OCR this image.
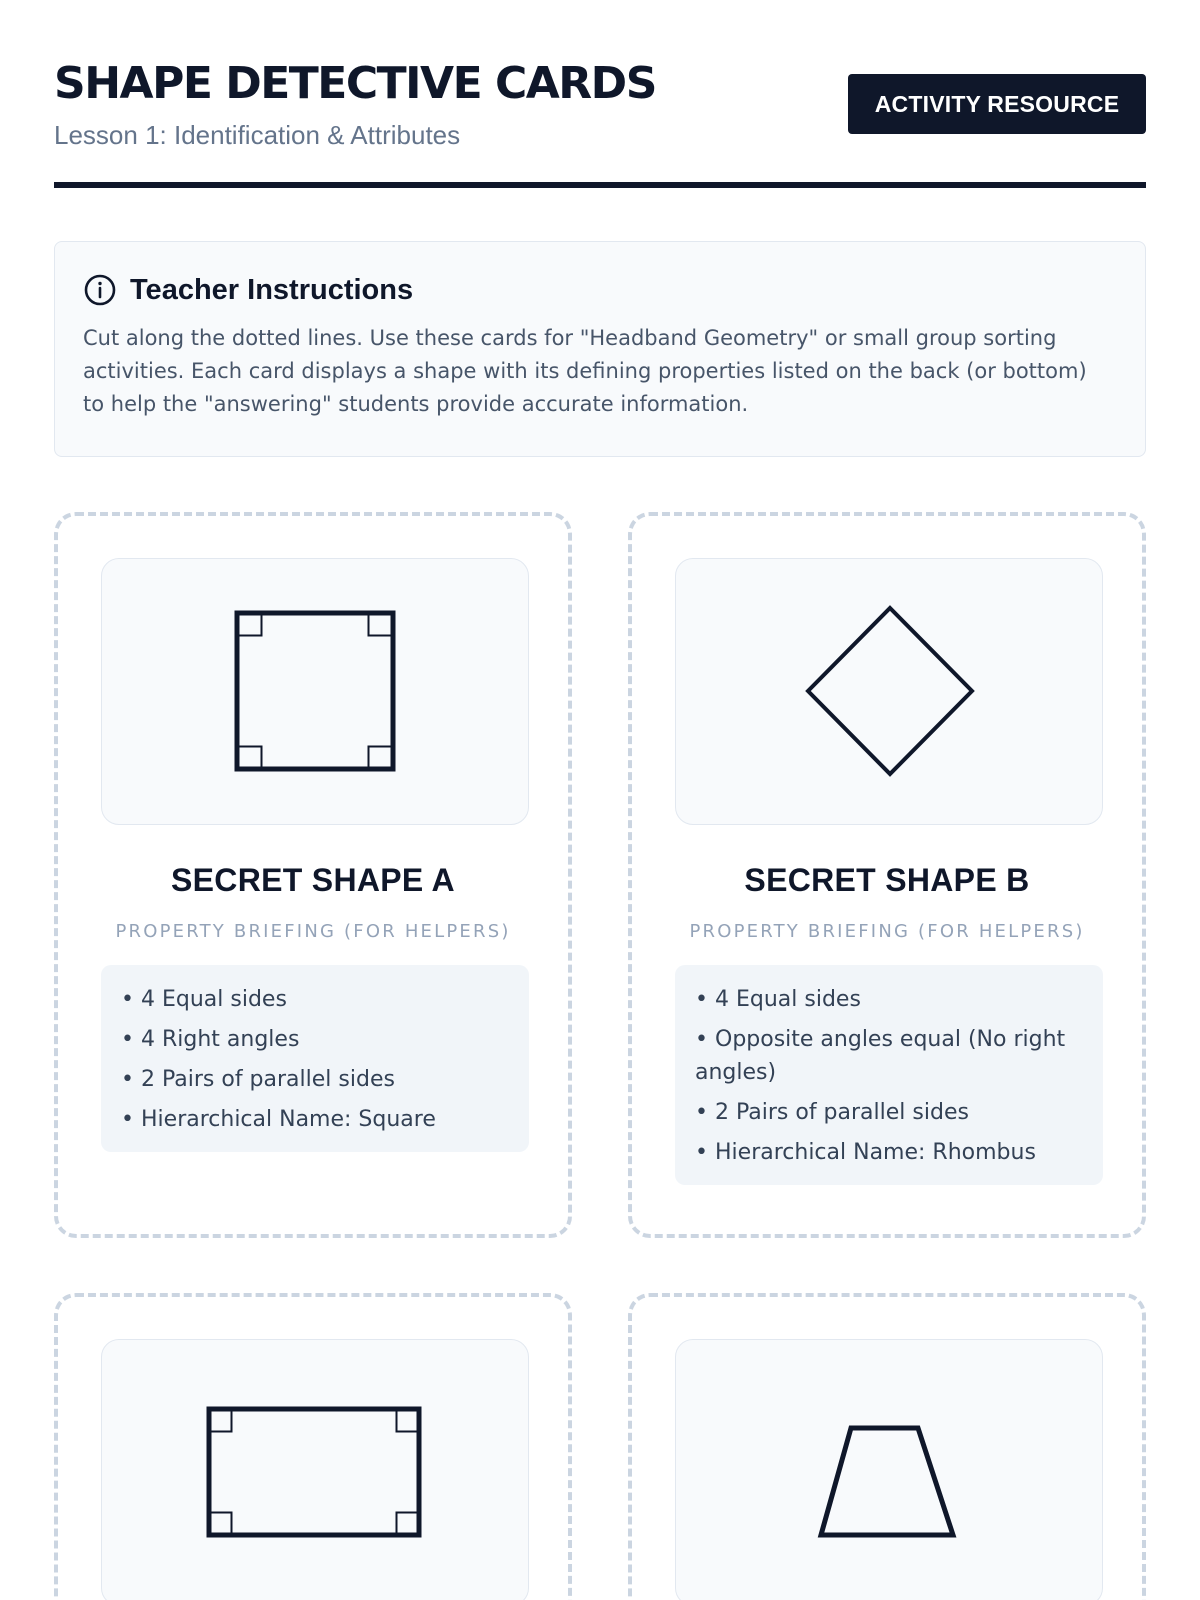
SHAPE DETECTIVE CARDS
Lesson 1: Identification & Attributes
ACTIVITY RESOURCE
Teacher Instructions

Cut along the dotted lines. Use these cards for "Headband Geometry" or small group sorting activities. Each card displays a shape with its defining properties listed on the back (or bottom) to help the "answering" students provide accurate information.

SECRET SHAPE A
PROPERTY BRIEFING (FOR HELPERS)
• 4 Equal sides
• 4 Right angles
• 2 Pairs of parallel sides
• Hierarchical Name: Square
SECRET SHAPE B
PROPERTY BRIEFING (FOR HELPERS)
• 4 Equal sides
• Opposite angles equal (No right angles)
• 2 Pairs of parallel sides
• Hierarchical Name: Rhombus
